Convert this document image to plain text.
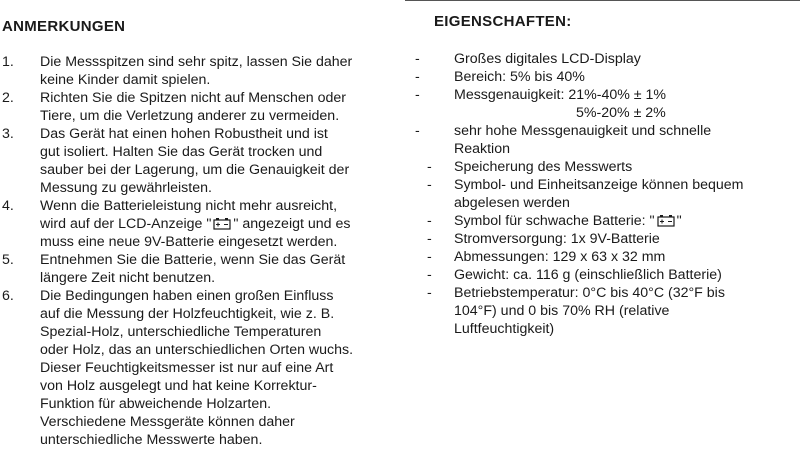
ANMERKUNGEN
1. Die Messspitzen sind sehr spitz, lassen Sie daher
keine Kinder damit spielen.
2. Richten Sie die Spitzen nicht auf Menschen oder
Tiere, um die Verletzung anderer zu vermeiden.
3. Das Gerät hat einen hohen Robustheit und ist
gut isoliert. Halten Sie das Gerät trocken und
sauber bei der Lagerung, um die Genauigkeit der
Messung zu gewährleisten.
4. Wenn die Batterieleistung nicht mehr ausreicht,
wird auf der LCD-Anzeige " " angezeigt und es
muss eine neue 9V-Batterie eingesetzt werden.
5. Entnehmen Sie die Batterie, wenn Sie das Gerät
längere Zeit nicht benutzen.
6. Die Bedingungen haben einen großen Einfluss
auf die Messung der Holzfeuchtigkeit, wie z. B.
Spezial-Holz, unterschiedliche Temperaturen
oder Holz, das an unterschiedlichen Orten wuchs.
Dieser Feuchtigkeitsmesser ist nur auf eine Art
von Holz ausgelegt und hat keine Korrektur-
Funktion für abweichende Holzarten.
Verschiedene Messgeräte können daher
unterschiedliche Messwerte haben.
EIGENSCHAFTEN:
- Großes digitales LCD-Display
- Bereich: 5% bis 40%
- Messgenauigkeit: 21%-40% ± 1%
5%-20% ± 2%
- sehr hohe Messgenauigkeit und schnelle
Reaktion
- Speicherung des Messwerts
- Symbol- und Einheitsanzeige können bequem
abgelesen werden
- Symbol für schwache Batterie: " "
- Stromversorgung: 1x 9V-Batterie
- Abmessungen: 129 x 63 x 32 mm
- Gewicht: ca. 116 g (einschließlich Batterie)
- Betriebstemperatur: 0°C bis 40°C (32°F bis
104°F) und 0 bis 70% RH (relative
Luftfeuchtigkeit)
